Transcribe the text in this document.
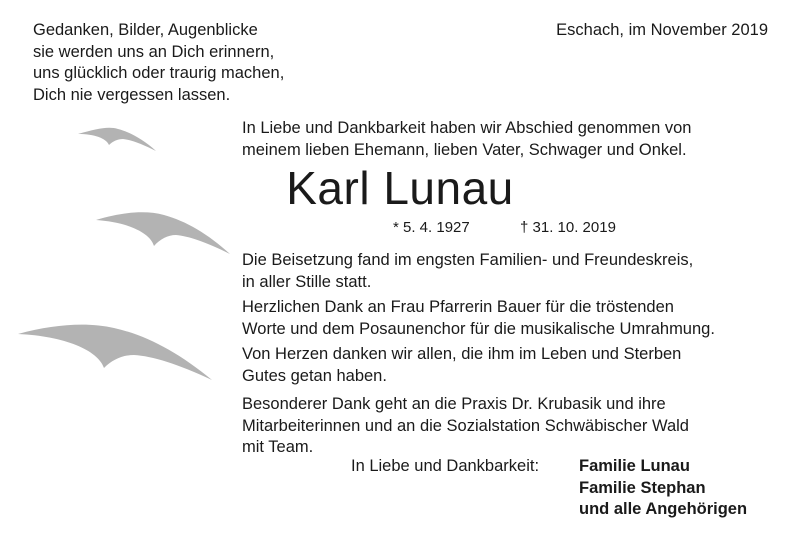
Gedanken, Bilder, Augenblicke
sie werden uns an Dich erinnern,
uns glücklich oder traurig machen,
Dich nie vergessen lassen.
Eschach, im November 2019
In Liebe und Dankbarkeit haben wir Abschied genommen von
meinem lieben Ehemann, lieben Vater, Schwager und Onkel.
Karl Lunau
* 5. 4. 1927	† 31. 10. 2019
Die Beisetzung fand im engsten Familien- und Freundeskreis,
in aller Stille statt.
Herzlichen Dank an Frau Pfarrerin Bauer für die tröstenden
Worte und dem Posaunenchor für die musikalische Umrahmung.
Von Herzen danken wir allen, die ihm im Leben und Sterben
Gutes getan haben.
Besonderer Dank geht an die Praxis Dr. Krubasik und ihre
Mitarbeiterinnen und an die Sozialstation Schwäbischer Wald
mit Team.
In Liebe und Dankbarkeit: Familie Lunau
Familie Stephan
und alle Angehörigen
